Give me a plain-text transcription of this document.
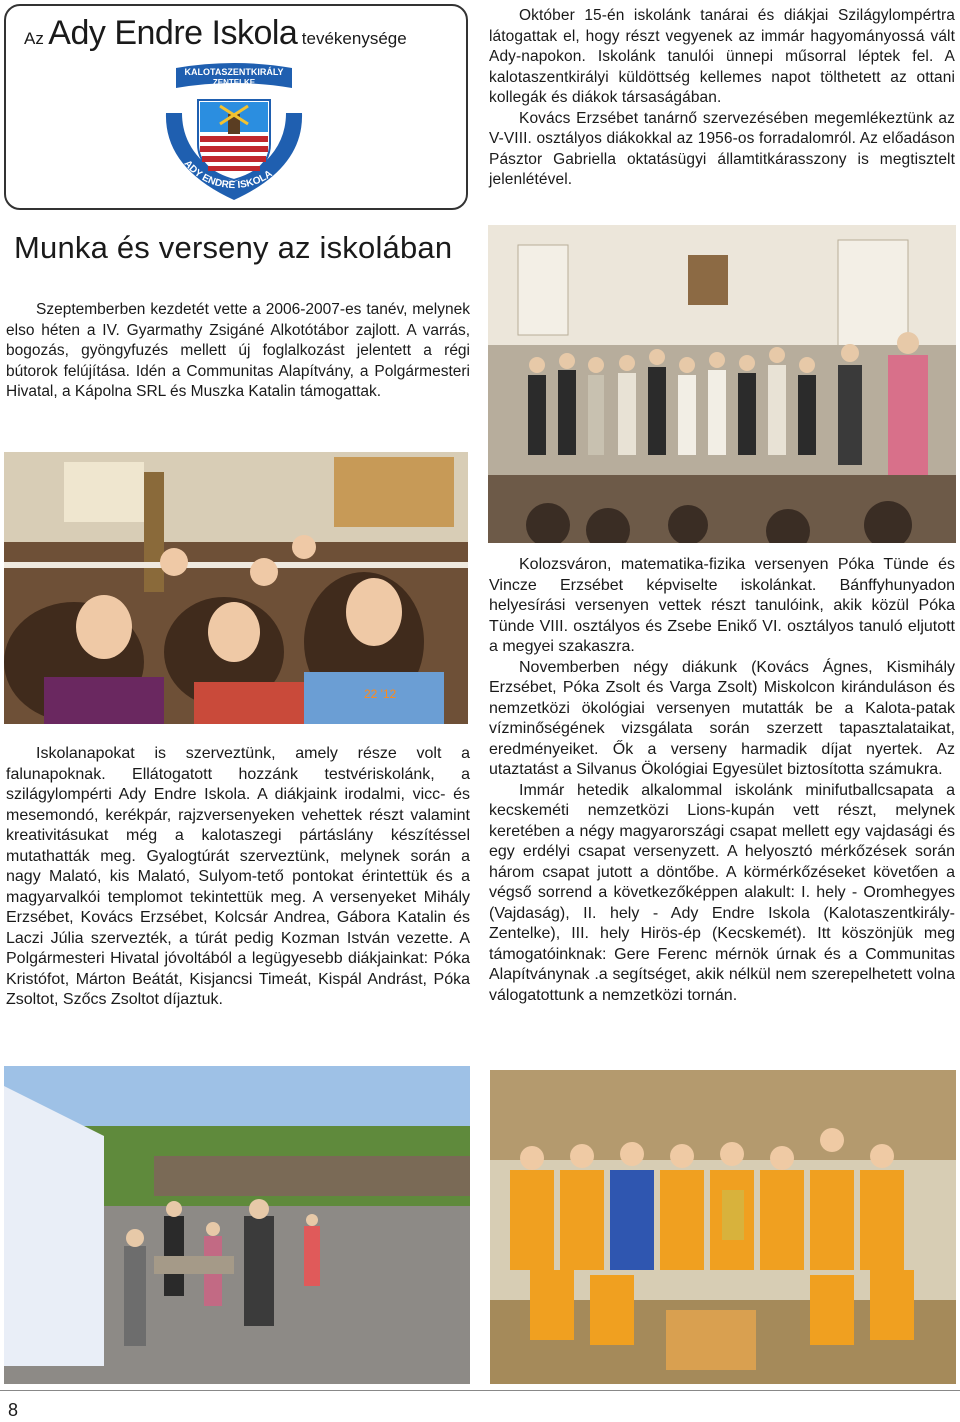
Az Ady Endre Iskola tevékenysége
KALOTASZENTKIRÁLY
ZENTELKE
ADY ENDRE ISKOLA

Október 15-én iskolánk tanárai és diákjai Szilágylompértra látogattak el, hogy részt vegyenek az immár hagyományossá vált Ady-napokon. Iskolánk tanulói ünnepi műsorral léptek fel. A kalotaszentkirályi küldöttség kellemes napot tölthetett az ottani kollegák és diákok társaságában.

Kovács Erzsébet tanárnő szervezésében megemlékeztünk az V-VIII. osztályos diákokkal az 1956-os forradalomról. Az előadáson Pásztor Gabriella oktatásügyi államtitkárasszony is megtisztelt jelenlétével.

Munka és verseny az iskolában

Szeptemberben kezdetét vette a 2006-2007-es tanév, melynek elso héten a IV. Gyarmathy Zsigáné Alkotótábor zajlott. A varrás, bogozás, gyöngyfuzés mellett új foglalkozást jelentett a régi bútorok felújítása. Idén a Communitas Alapítvány, a Polgármesteri Hivatal, a Kápolna SRL és Muszka Katalin támogattak.

22 '12

Iskolanapokat is szerveztünk, amely része volt a falunapoknak. Ellátogatott hozzánk testvériskolánk, a szilágylompérti Ady Endre Iskola. A diákjaink irodalmi, vicc- és mesemondó, kerékpár, rajzversenyeken vehettek részt valamint kreativitásukat még a kalotaszegi pártáslány készítéssel mutathatták meg. Gyalogtúrát szerveztünk, melynek során a nagy Malató, kis Malató, Sulyom-tető pontokat érintettük és a magyarvalkói templomot tekintettük meg. A versenyeket Mihály Erzsébet, Kovács Erzsébet, Kolcsár Andrea, Gábora Katalin és Laczi Júlia szervezték, a túrát pedig Kozman István vezette. A Polgármesteri Hivatal jóvoltából a legügyesebb diákjainkat: Póka Kristófot, Márton Beátát, Kisjancsi Timeát, Kispál Andrást, Póka Zsoltot, Szőcs Zsoltot díjaztuk.

Kolozsváron, matematika-fizika versenyen Póka Tünde és Vincze Erzsébet képviselte iskolánkat. Bánffyhunyadon helyesírási versenyen vettek részt tanulóink, akik közül Póka Tünde VIII. osztályos és Zsebe Enikő VI. osztályos tanuló eljutott a megyei szakaszra.

Novemberben négy diákunk (Kovács Ágnes, Kismihály Erzsébet, Póka Zsolt és Varga Zsolt) Miskolcon kiránduláson és nemzetközi ökológiai versenyen mutatták be a Kalota-patak vízminőségének vizsgálata során szerzett tapasztalataikat, eredményeiket. Ők a verseny harmadik díjat nyertek. Az utaztatást a Silvanus Ökológiai Egyesület biztosította számukra.

Immár hetedik alkalommal iskolánk minifutballcsapata a kecskeméti nemzetközi Lions-kupán vett részt, melynek keretében a négy magyarországi csapat mellett egy vajdasági és egy erdélyi csapat versenyzett. A helyosztó mérkőzések során három csapat jutott a döntőbe. A körmérkőzéseket követően a végső sorrend a következőképpen alakult: I. hely - Oromhegyes (Vajdaság), II. hely - Ady Endre Iskola (Kalotaszentkirály-Zentelke), III. hely Hirös-ép (Kecskemét). Itt köszönjük meg támogatóinknak: Gere Ferenc mérnök úrnak és a Communitas Alapítványnak .a segítséget, akik nélkül nem szerepelhetett volna válogatottunk a nemzetközi tornán.

8
